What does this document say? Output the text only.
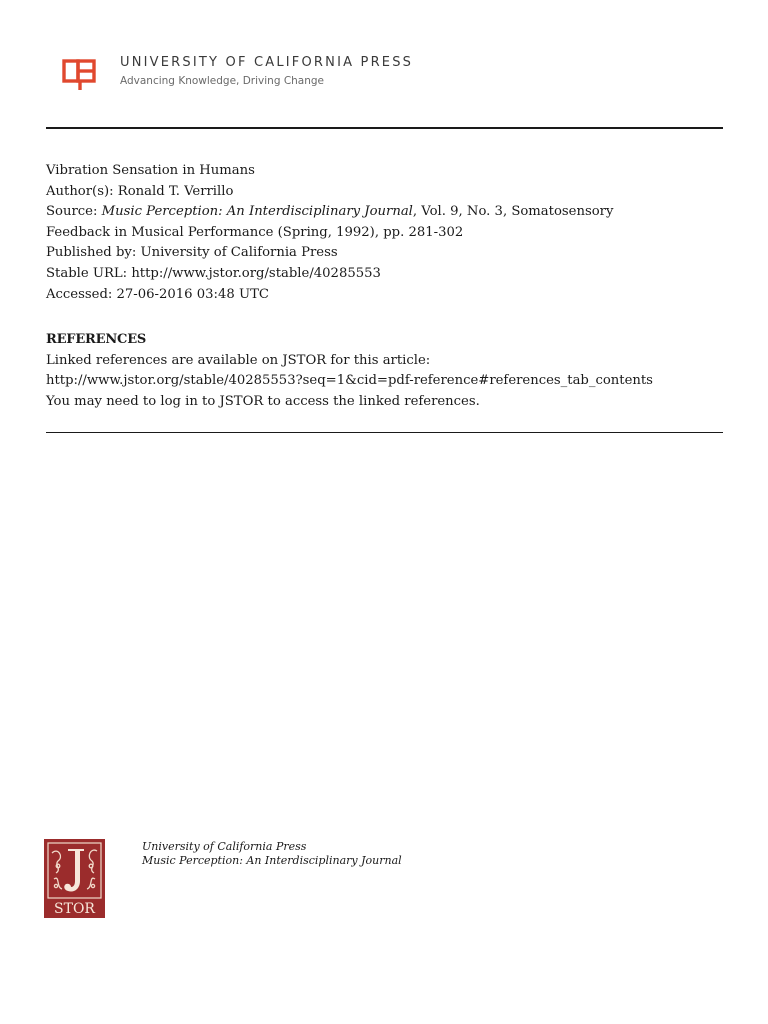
UNIVERSITY OF CALIFORNIA PRESS
Advancing Knowledge, Driving Change
Vibration Sensation in Humans
Author(s): Ronald T. Verrillo
Source: Music Perception: An Interdisciplinary Journal, Vol. 9, No. 3, Somatosensory
Feedback in Musical Performance (Spring, 1992), pp. 281-302
Published by: University of California Press
Stable URL: http://www.jstor.org/stable/40285553
Accessed: 27-06-2016 03:48 UTC
REFERENCES
Linked references are available on JSTOR for this article:
http://www.jstor.org/stable/40285553?seq=1&cid=pdf-reference#references_tab_contents
You may need to log in to JSTOR to access the linked references.
STOR
University of California Press
Music Perception: An Interdisciplinary Journal
